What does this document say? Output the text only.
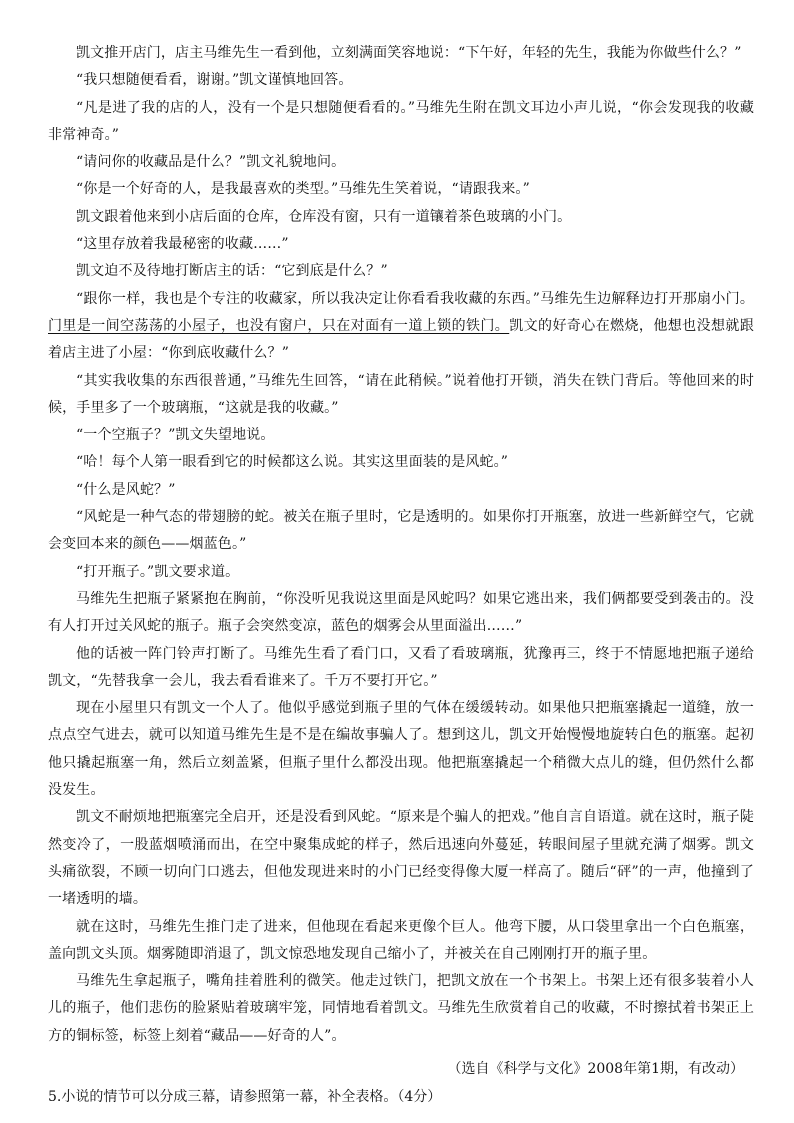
凯文推开店门，店主马维先生一看到他，立刻满面笑容地说：“下午好，年轻的先生，我能为你做些什么？”

“我只想随便看看，谢谢。”凯文谨慎地回答。

“凡是进了我的店的人，没有一个是只想随便看看的。”马维先生附在凯文耳边小声儿说，“你会发现我的收藏非常神奇。”

“请问你的收藏品是什么？”凯文礼貌地问。

“你是一个好奇的人，是我最喜欢的类型。”马维先生笑着说，“请跟我来。”

凯文跟着他来到小店后面的仓库，仓库没有窗，只有一道镶着茶色玻璃的小门。

“这里存放着我最秘密的收藏……”

凯文迫不及待地打断店主的话：“它到底是什么？”

“跟你一样，我也是个专注的收藏家，所以我决定让你看看我收藏的东西。”马维先生边解释边打开那扇小门。门里是一间空荡荡的小屋子，也没有窗户，只在对面有一道上锁的铁门。凯文的好奇心在燃烧，他想也没想就跟着店主进了小屋：“你到底收藏什么？”

“其实我收集的东西很普通，”马维先生回答，“请在此稍候。”说着他打开锁，消失在铁门背后。等他回来的时候，手里多了一个玻璃瓶，“这就是我的收藏。”

“一个空瓶子？”凯文失望地说。

“哈！每个人第一眼看到它的时候都这么说。其实这里面装的是风蛇。”

“什么是风蛇？”

“风蛇是一种气态的带翅膀的蛇。被关在瓶子里时，它是透明的。如果你打开瓶塞，放进一些新鲜空气，它就会变回本来的颜色——烟蓝色。”

“打开瓶子。”凯文要求道。

马维先生把瓶子紧紧抱在胸前，“你没听见我说这里面是风蛇吗？如果它逃出来，我们俩都要受到袭击的。没有人打开过关风蛇的瓶子。瓶子会突然变凉，蓝色的烟雾会从里面溢出……”

他的话被一阵门铃声打断了。马维先生看了看门口，又看了看玻璃瓶，犹豫再三，终于不情愿地把瓶子递给凯文，“先替我拿一会儿，我去看看谁来了。千万不要打开它。”

现在小屋里只有凯文一个人了。他似乎感觉到瓶子里的气体在缓缓转动。如果他只把瓶塞撬起一道缝，放一点点空气进去，就可以知道马维先生是不是在编故事骗人了。想到这儿，凯文开始慢慢地旋转白色的瓶塞。起初他只撬起瓶塞一角，然后立刻盖紧，但瓶子里什么都没出现。他把瓶塞撬起一个稍微大点儿的缝，但仍然什么都没发生。

凯文不耐烦地把瓶塞完全启开，还是没看到风蛇。“原来是个骗人的把戏。”他自言自语道。就在这时，瓶子陡然变冷了，一股蓝烟喷涌而出，在空中聚集成蛇的样子，然后迅速向外蔓延，转眼间屋子里就充满了烟雾。凯文头痛欲裂，不顾一切向门口逃去，但他发现进来时的小门已经变得像大厦一样高了。随后“砰”的一声，他撞到了一堵透明的墙。

就在这时，马维先生推门走了进来，但他现在看起来更像个巨人。他弯下腰，从口袋里拿出一个白色瓶塞，盖向凯文头顶。烟雾随即消退了，凯文惊恐地发现自己缩小了，并被关在自己刚刚打开的瓶子里。

马维先生拿起瓶子，嘴角挂着胜利的微笑。他走过铁门，把凯文放在一个书架上。书架上还有很多装着小人儿的瓶子，他们悲伤的脸紧贴着玻璃牢笼，同情地看着凯文。马维先生欣赏着自己的收藏，不时擦拭着书架正上方的铜标签，标签上刻着“藏品——好奇的人”。

（选自《科学与文化》2008年第1期，有改动）

5.小说的情节可以分成三幕，请参照第一幕，补全表格。（4分）
